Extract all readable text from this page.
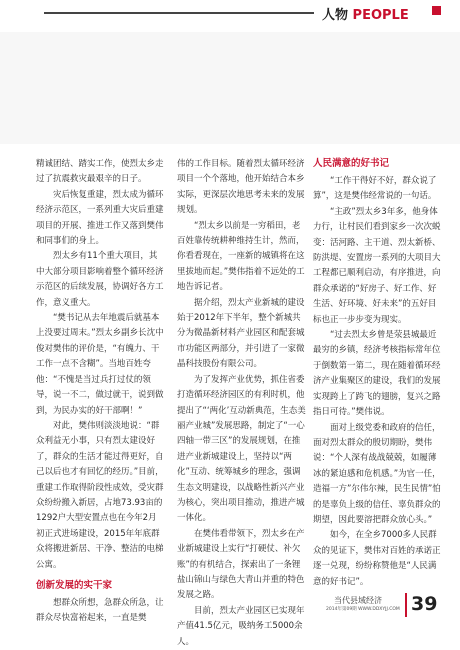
人物 PEOPLE

精诚团结、踏实工作，使烈太乡走过了抗震救灾最艰辛的日子。

灾后恢复重建，烈太成为循环经济示范区，一系列重大灾后重建项目的开展、推进工作又落到樊伟和同事们的身上。

烈太乡有11个重大项目，其中大部分项目影响着整个循环经济示范区的后续发展，协调好各方工作，意义重大。

“樊书记从去年地震后就基本上没要过周末。”烈太乡副乡长沈中俊对樊伟的评价是，“有魄力、干工作一点不含糊”。当地百姓夸他：“不愧是当过兵打过仗的领导，说一不二，做过就干，说到做到，为民办实的好干部啊！”

对此，樊伟则淡淡地说：“群众利益无小事，只有烈太建设好了，群众的生活才能过得更好，自己以后也才有回忆的经历。”目前，重建工作取得阶段性成效，受灾群众纷纷搬入新居，占地73.93亩的1292户大型安置点也在今年2月初正式进场建设，2015年年底群众将搬进新居、干净、整洁的电梯公寓。

创新发展的实干家

想群众所想，急群众所急，让群众尽快富裕起来，一直是樊

伟的工作目标。随着烈太循环经济项目一个个落地，他开始结合本乡实际，更深层次地思考未来的发展规划。

“烈太乡以前是一穷稻田，老百姓靠传统耕种维持生计，然而，你看看现在，一座新的城镇将在这里拔地而起。”樊伟指着不远处的工地告诉记者。

据介绍，烈太产业新城的建设始于2012年下半年，整个新城共分为微晶新材料产业园区和配套城市功能区两部分，并引进了一家微晶科技股份有限公司。

为了发挥产业优势，抓住省委打造循环经济园区的有利时机，他提出了“‘两化’互动新典范，生态美丽产业城”发展思路，制定了“一心四轴一带三区”的发展规划，在推进产业新城建设上，坚持以“两化”互动、统筹城乡的理念，强调生态文明建设，以战略性新兴产业为核心，突出项目推动，推进产城一体化。

在樊伟看带领下，烈太乡在产业新城建设上实行“打硬仗、补欠账”的有机结合，探索出了一条锂盐山锦山与绿色大青山并重的特色发展之路。

目前，烈太产业园区已实现年产值41.5亿元，吸纳务工5000余人。

人民满意的好书记

“工作干得好不好，群众说了算”，这是樊伟经常说的一句话。

“主政”烈太乡3年多，他身体力行，让村民们看到家乡一次次蜕变：活河路、主干道、烈太新桥、防洪堤、安置房一系列的大项目大工程都已顺利启动，有序推进，向群众承诺的“好房子、好工作、好生活、好环境、好未来”的五好目标也正一步步变为现实。

“过去烈太乡曾是荥县城最近最穷的乡镇，经济考核指标常年位于倒数第一第二，现在随着循环经济产业集聚区的建设，我们的发展实现跨上了跨飞的翅膀，复兴之路指日可待。”樊伟说。

面对上级党委和政府的信任，面对烈太群众的殷切期盼，樊伟说：“个人深有战战兢兢，如履薄冰的紧迫感和危机感。”为官一任，造福一方”尔伟尔辣，民生民情”怕的是辜负上级的信任、辜负群众的期望，因此要溶把群众放心头。”

如今，在全乡7000多人民群众的见证下，樊伟对百姓的承诺正逐一兑现，纷纷称赞他是“人民满意的好书记”。

当代县域经济
2014年第09期 WWW.DDXYJJ.COM 39
